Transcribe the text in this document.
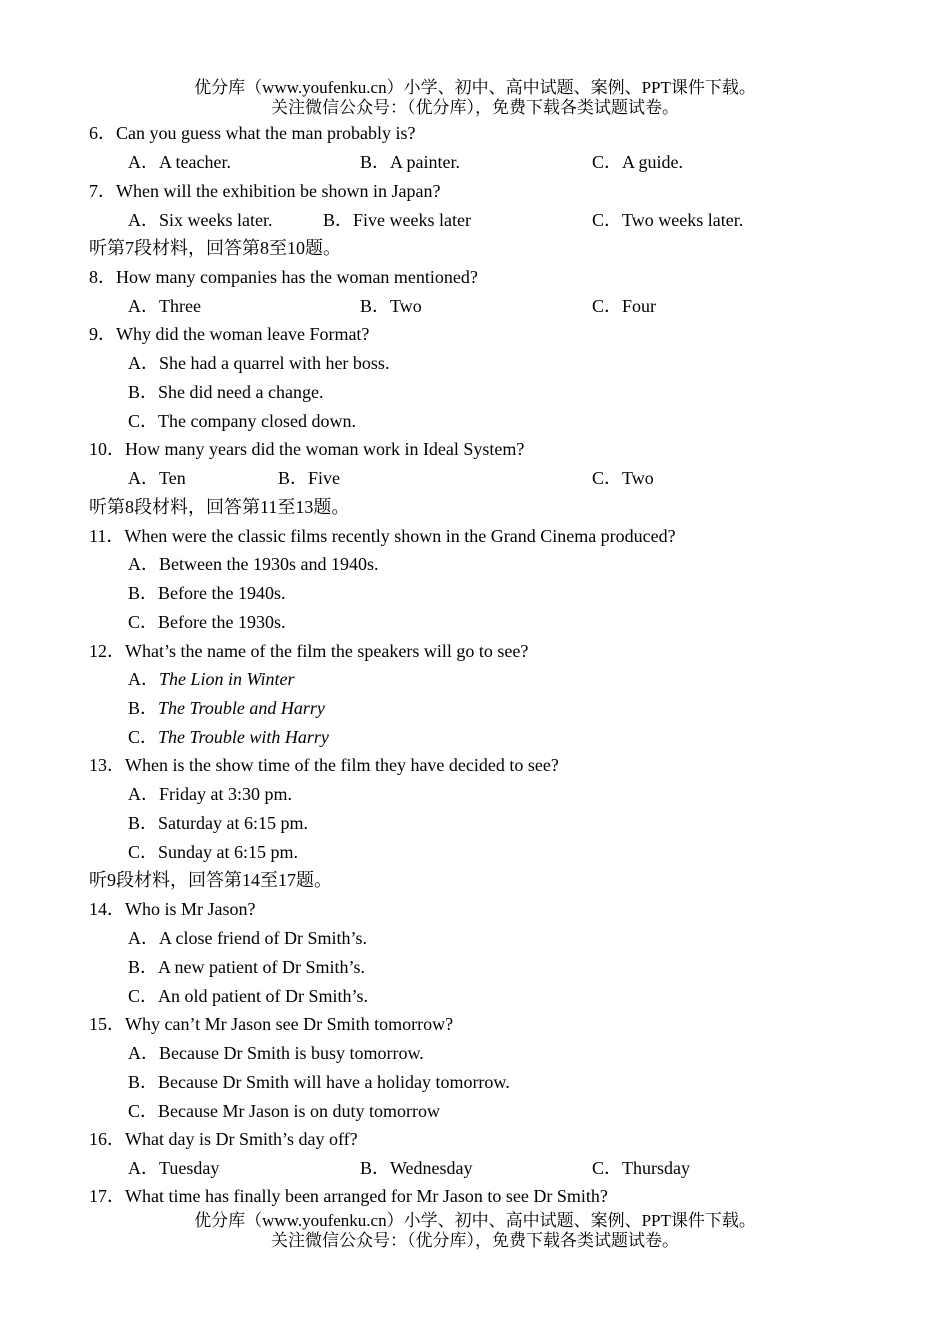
优分库（www.youfenku.cn）小学、初中、高中试题、案例、PPT课件下载。
关注微信公众号：（优分库），免费下载各类试题试卷。
6．Can you guess what the man probably is?
A．A teacher.	B．A painter.	C．A guide.
7．When will the exhibition be shown in Japan?
A．Six weeks later.	B．Five weeks later	C．Two weeks later.
听第7段材料，回答第8至10题。
8．How many companies has the woman mentioned?
A．Three	B．Two	C．Four
9．Why did the woman leave Format?
A．She had a quarrel with her boss.
B．She did need a change.
C．The company closed down.
10．How many years did the woman work in Ideal System?
A．Ten	B．Five	C．Two
听第8段材料，回答第11至13题。
11．When were the classic films recently shown in the Grand Cinema produced?
A．Between the 1930s and 1940s.
B．Before the 1940s.
C．Before the 1930s.
12．What’s the name of the film the speakers will go to see?
A．The Lion in Winter
B．The Trouble and Harry
C．The Trouble with Harry
13．When is the show time of the film they have decided to see?
A．Friday at 3:30 pm.
B．Saturday at 6:15 pm.
C．Sunday at 6:15 pm.
听9段材料，回答第14至17题。
14．Who is Mr Jason?
A．A close friend of Dr Smith’s.
B．A new patient of Dr Smith’s.
C．An old patient of Dr Smith’s.
15．Why can’t Mr Jason see Dr Smith tomorrow?
A．Because Dr Smith is busy tomorrow.
B．Because Dr Smith will have a holiday tomorrow.
C．Because Mr Jason is on duty tomorrow
16．What day is Dr Smith’s day off?
A．Tuesday	B．Wednesday	C．Thursday
17．What time has finally been arranged for Mr Jason to see Dr Smith?
优分库（www.youfenku.cn）小学、初中、高中试题、案例、PPT课件下载。
关注微信公众号：（优分库），免费下载各类试题试卷。
